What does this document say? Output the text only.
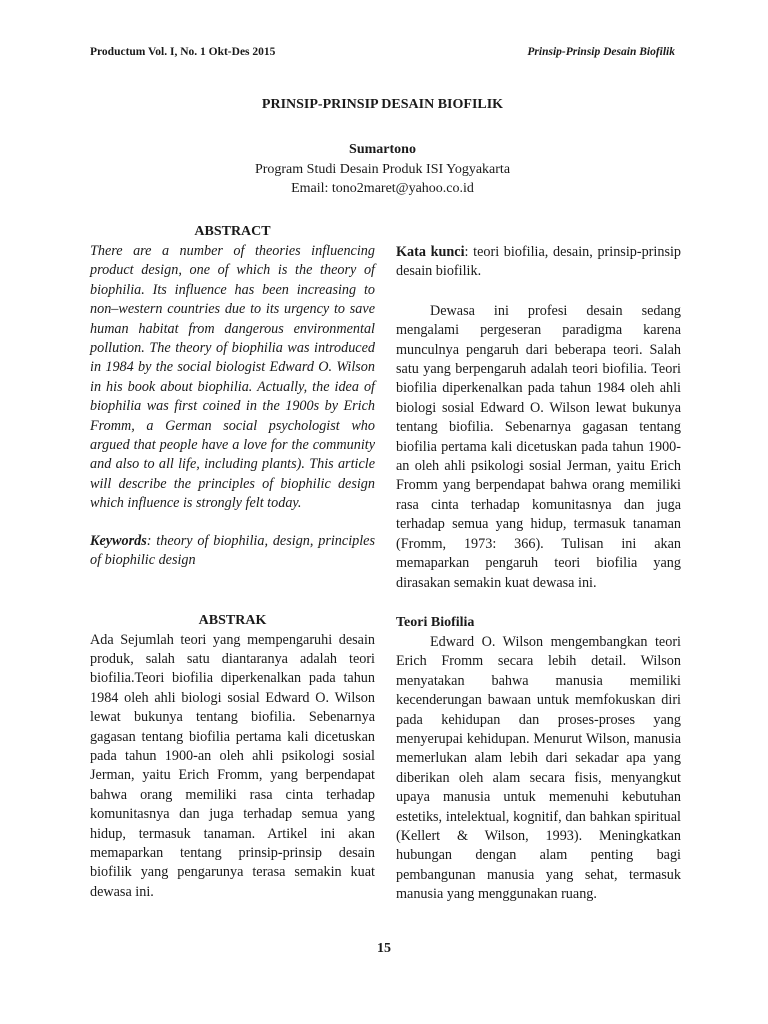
Productum Vol. I, No. 1 Okt-Des 2015	Prinsip-Prinsip Desain Biofilik
PRINSIP-PRINSIP DESAIN BIOFILIK
Sumartono
Program Studi Desain Produk ISI Yogyakarta
Email: tono2maret@yahoo.co.id
ABSTRACT

There are a number of theories influencing product design, one of which is the theory of biophilia. Its influence has been increasing to non–western countries due to its urgency to save human habitat from dangerous environmental pollution. The theory of biophilia was introduced in 1984 by the social biologist Edward O. Wilson in his book about biophilia. Actually, the idea of biophilia was first coined in the 1900s by Erich Fromm, a German social psychologist who argued that people have a love for the community and also to all life, including plants). This article will describe the principles of biophilic design which influence is strongly felt today.

Keywords: theory of biophilia, design, principles of biophilic design

ABSTRAK

Ada Sejumlah teori yang mempengaruhi desain produk, salah satu diantaranya adalah teori biofilia.Teori biofilia diperkenalkan pada tahun 1984 oleh ahli biologi sosial Edward O. Wilson lewat bukunya tentang biofilia. Sebenarnya gagasan tentang biofilia pertama kali dicetuskan pada tahun 1900-an oleh ahli psikologi sosial Jerman, yaitu Erich Fromm, yang berpendapat bahwa orang memiliki rasa cinta terhadap komunitasnya dan juga terhadap semua yang hidup, termasuk tanaman. Artikel ini akan memaparkan tentang prinsip-prinsip desain biofilik yang pengarunya terasa semakin kuat dewasa ini.

Kata kunci: teori biofilia, desain, prinsip-prinsip desain biofilik.

Dewasa ini profesi desain sedang mengalami pergeseran paradigma karena munculnya pengaruh dari beberapa teori. Salah satu yang berpengaruh adalah teori biofilia. Teori biofilia diperkenalkan pada tahun 1984 oleh ahli biologi sosial Edward O. Wilson lewat bukunya tentang biofilia. Sebenarnya gagasan tentang biofilia pertama kali dicetuskan pada tahun 1900-an oleh ahli psikologi sosial Jerman, yaitu Erich Fromm yang berpendapat bahwa orang memiliki rasa cinta terhadap komunitasnya dan juga terhadap semua yang hidup, termasuk tanaman (Fromm, 1973: 366). Tulisan ini akan memaparkan pengaruh teori biofilia yang dirasakan semakin kuat dewasa ini.

Teori Biofilia

Edward O. Wilson mengembangkan teori Erich Fromm secara lebih detail. Wilson menyatakan bahwa manusia memiliki kecenderungan bawaan untuk memfokuskan diri pada kehidupan dan proses-proses yang menyerupai kehidupan. Menurut Wilson, manusia memerlukan alam lebih dari sekadar apa yang diberikan oleh alam secara fisis, menyangkut upaya manusia untuk memenuhi kebutuhan estetiks, intelektual, kognitif, dan bahkan spiritual (Kellert & Wilson, 1993). Meningkatkan hubungan dengan alam penting bagi pembangunan manusia yang sehat, termasuk manusia yang menggunakan ruang.

15
